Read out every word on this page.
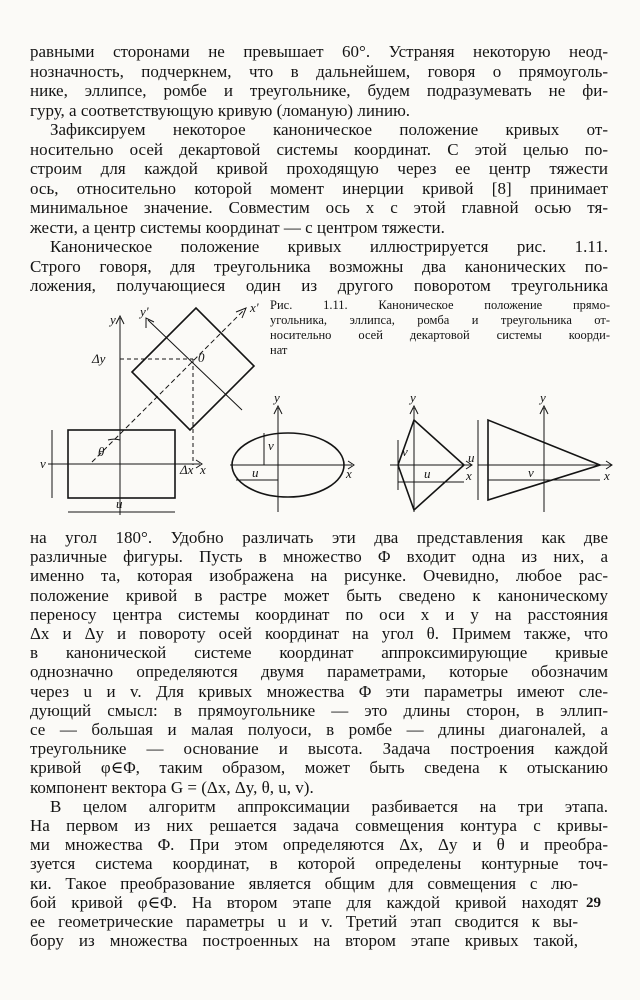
равными сторонами не превышает 60°. Устраняя некоторую неод-
нозначность, подчеркнем, что в дальнейшем, говоря о прямоуголь-
нике, эллипсе, ромбе и треугольнике, будем подразумевать не фи-
гуру, а соответствующую кривую (ломаную) линию.
Зафиксируем некоторое каноническое положение кривых от-
носительно осей декартовой системы координат. С этой целью по-
строим для каждой кривой проходящую через ее центр тяжести
ось, относительно которой момент инерции кривой [8] принимает
минимальное значение. Совместим ось x с этой главной осью тя-
жести, а центр системы координат — с центром тяжести.
Каноническое положение кривых иллюстрируется рис. 1.11.
Строго говоря, для треугольника возможны два канонических по-
ложения, получающиеся один из другого поворотом треугольника
y
y'	x'
0
Δy
Δx x
θ
v
u
y
v
u	x
y
v
u	x
y
u
v	x
Рис. 1.11. Каноническое положение прямо-
угольника, эллипса, ромба и треугольника от-
носительно осей декартовой системы коорди-
нат
на угол 180°. Удобно различать эти два представления как две
различные фигуры. Пусть в множество Φ входит одна из них, а
именно та, которая изображена на рисунке. Очевидно, любое рас-
положение кривой в растре может быть сведено к каноническому
переносу центра системы координат по оси x и y на расстояния
Δx и Δy и повороту осей координат на угол θ. Примем также, что
в канонической системе координат аппроксимирующие кривые
однозначно определяются двумя параметрами, которые обозначим
через u и v. Для кривых множества Φ эти параметры имеют сле-
дующий смысл: в прямоугольнике — это длины сторон, в эллип-
се — большая и малая полуоси, в ромбе — длины диагоналей, а
треугольнике — основание и высота. Задача построения каждой
кривой φ∈Φ, таким образом, может быть сведена к отысканию
компонент вектора G = (Δx, Δy, θ, u, v).
В целом алгоритм аппроксимации разбивается на три этапа.
На первом из них решается задача совмещения контура с кривы-
ми множества Φ. При этом определяются Δx, Δy и θ и преобра-
зуется система координат, в которой определены контурные точ-
ки. Такое преобразование является общим для совмещения с лю-
бой кривой φ∈Φ. На втором этапе для каждой кривой находят
ее геометрические параметры u и v. Третий этап сводится к вы-
бору из множества построенных на втором этапе кривых такой,
29
